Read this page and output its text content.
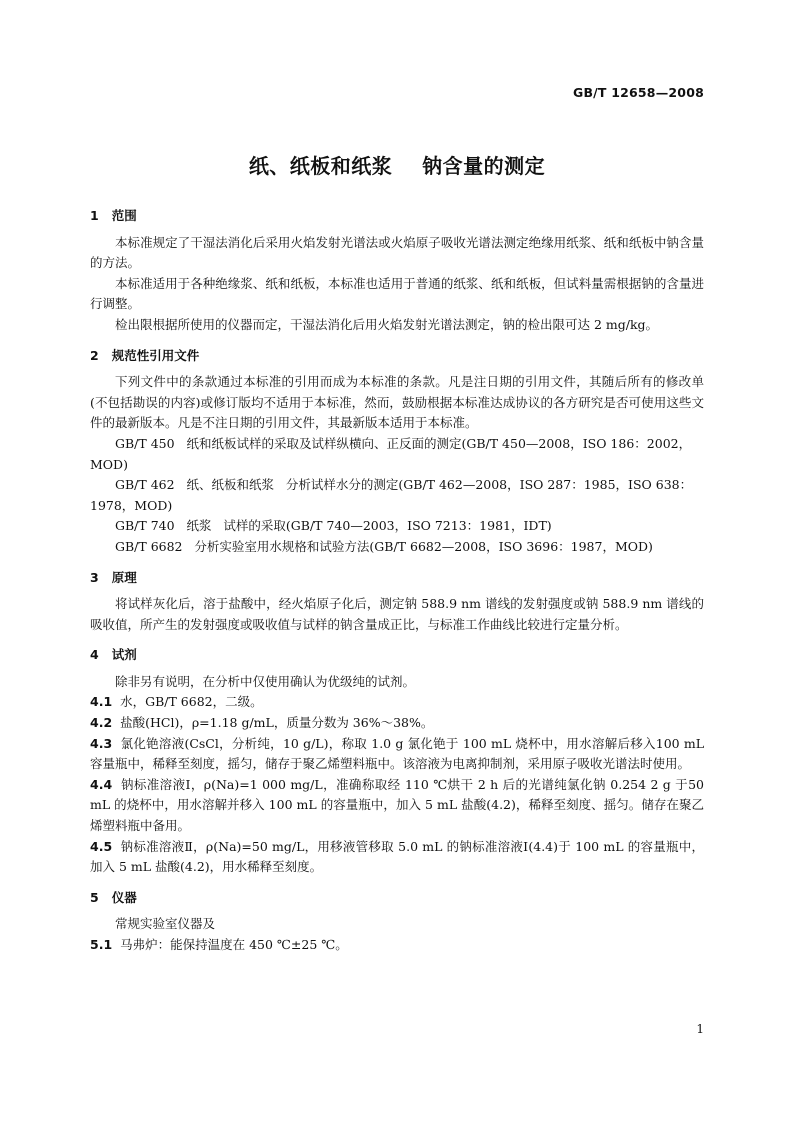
GB/T 12658—2008
纸、纸板和纸浆    钠含量的测定
1   范围

本标准规定了干湿法消化后采用火焰发射光谱法或火焰原子吸收光谱法测定绝缘用纸浆、纸和纸板中钠含量的方法。

本标准适用于各种绝缘浆、纸和纸板，本标准也适用于普通的纸浆、纸和纸板，但试料量需根据钠的含量进行调整。

检出限根据所使用的仪器而定，干湿法消化后用火焰发射光谱法测定，钠的检出限可达 2 mg/kg。

2   规范性引用文件

下列文件中的条款通过本标准的引用而成为本标准的条款。凡是注日期的引用文件，其随后所有的修改单(不包括勘误的内容)或修订版均不适用于本标准，然而，鼓励根据本标准达成协议的各方研究是否可使用这些文件的最新版本。凡是不注日期的引用文件，其最新版本适用于本标准。

GB/T 450   纸和纸板试样的采取及试样纵横向、正反面的测定(GB/T 450—2008，ISO 186：2002，MOD)

GB/T 462   纸、纸板和纸浆   分析试样水分的测定(GB/T 462—2008，ISO 287：1985，ISO 638：1978，MOD)

GB/T 740   纸浆   试样的采取(GB/T 740—2003，ISO 7213：1981，IDT)

GB/T 6682   分析实验室用水规格和试验方法(GB/T 6682—2008，ISO 3696：1987，MOD)

3   原理

将试样灰化后，溶于盐酸中，经火焰原子化后，测定钠 588.9 nm 谱线的发射强度或钠 588.9 nm 谱线的吸收值，所产生的发射强度或吸收值与试样的钠含量成正比，与标准工作曲线比较进行定量分析。

4   试剂

除非另有说明，在分析中仅使用确认为优级纯的试剂。

4.1 水，GB/T 6682，二级。

4.2 盐酸(HCl)，ρ=1.18 g/mL，质量分数为 36%～38%。

4.3 氯化铯溶液(CsCl，分析纯，10 g/L)，称取 1.0 g 氯化铯于 100 mL 烧杯中，用水溶解后移入100 mL 容量瓶中，稀释至刻度，摇匀，储存于聚乙烯塑料瓶中。该溶液为电离抑制剂，采用原子吸收光谱法时使用。

4.4 钠标准溶液Ⅰ，ρ(Na)=1 000 mg/L，准确称取经 110 ℃烘干 2 h 后的光谱纯氯化钠 0.254 2 g 于50 mL 的烧杯中，用水溶解并移入 100 mL 的容量瓶中，加入 5 mL 盐酸(4.2)，稀释至刻度、摇匀。储存在聚乙烯塑料瓶中备用。

4.5 钠标准溶液Ⅱ，ρ(Na)=50 mg/L，用移液管移取 5.0 mL 的钠标准溶液Ⅰ(4.4)于 100 mL 的容量瓶中，加入 5 mL 盐酸(4.2)，用水稀释至刻度。

5   仪器

常规实验室仪器及

5.1 马弗炉：能保持温度在 450 ℃±25 ℃。

1
